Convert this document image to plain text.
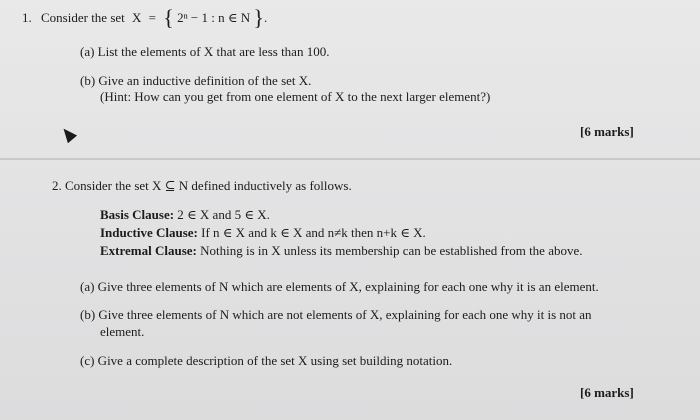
1. Consider the set X = { 2ⁿ − 1 : n ∈ N }.
(a) List the elements of X that are less than 100.
(b) Give an inductive definition of the set X.
(Hint: How can you get from one element of X to the next larger element?)
[6 marks]
2. Consider the set X ⊆ N defined inductively as follows.
Basis Clause: 2 ∈ X and 5 ∈ X.
Inductive Clause: If n ∈ X and k ∈ X and n≠k then n+k ∈ X.
Extremal Clause: Nothing is in X unless its membership can be established from the above.
(a) Give three elements of N which are elements of X, explaining for each one why it is an element.
(b) Give three elements of N which are not elements of X, explaining for each one why it is not an
element.
(c) Give a complete description of the set X using set building notation.
[6 marks]
